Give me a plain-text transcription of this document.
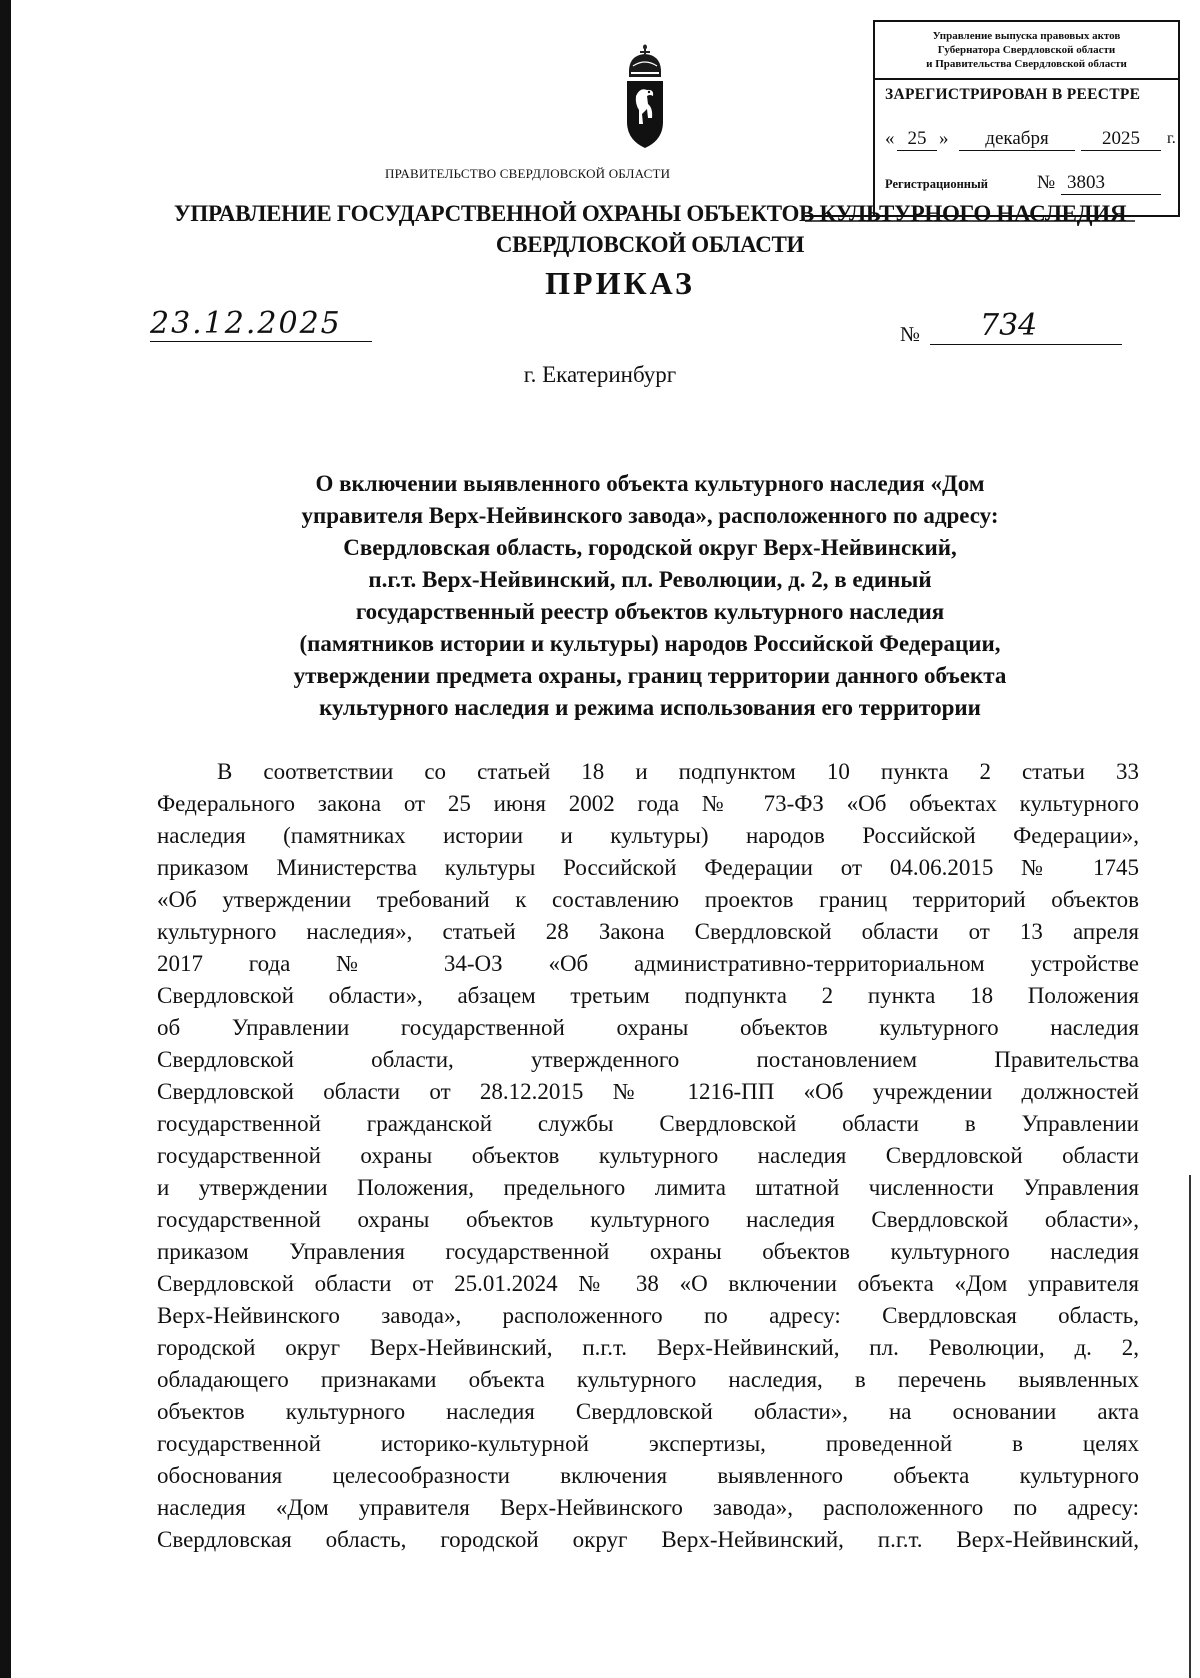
Управление выпуска правовых актов
Губернатора Свердловской области
и Правительства Свердловской области
ЗАРЕГИСТРИРОВАН В РЕЕСТРЕ
« 25 »	декабря	2025	г.
Регистрационный	№ 3803
ПРАВИТЕЛЬСТВО СВЕРДЛОВСКОЙ ОБЛАСТИ
УПРАВЛЕНИЕ ГОСУДАРСТВЕННОЙ ОХРАНЫ ОБЪЕКТОВ КУЛЬТУРНОГО НАСЛЕДИЯ
СВЕРДЛОВСКОЙ ОБЛАСТИ
ПРИКАЗ
23.12.2025	№ 734
г. Екатеринбург
О включении выявленного объекта культурного наследия «Дом
управителя Верх-Нейвинского завода», расположенного по адресу:
Свердловская область, городской округ Верх-Нейвинский,
п.г.т. Верх-Нейвинский, пл. Революции, д. 2, в единый
государственный реестр объектов культурного наследия
(памятников истории и культуры) народов Российской Федерации,
утверждении предмета охраны, границ территории данного объекта
культурного наследия и режима использования его территории
В соответствии со статьей 18 и подпунктом 10 пункта 2 статьи 33
Федерального закона от 25 июня 2002 года № 73-ФЗ «Об объектах культурного
наследия (памятниках истории и культуры) народов Российской Федерации»,
приказом Министерства культуры Российской Федерации от 04.06.2015 № 1745
«Об утверждении требований к составлению проектов границ территорий объектов
культурного наследия», статьей 28 Закона Свердловской области от 13 апреля
2017 года № 34-ОЗ «Об административно-территориальном устройстве
Свердловской области», абзацем третьим подпункта 2 пункта 18 Положения
об Управлении государственной охраны объектов культурного наследия
Свердловской области, утвержденного постановлением Правительства
Свердловской области от 28.12.2015 № 1216-ПП «Об учреждении должностей
государственной гражданской службы Свердловской области в Управлении
государственной охраны объектов культурного наследия Свердловской области
и утверждении Положения, предельного лимита штатной численности Управления
государственной охраны объектов культурного наследия Свердловской области»,
приказом Управления государственной охраны объектов культурного наследия
Свердловской области от 25.01.2024 № 38 «О включении объекта «Дом управителя
Верх-Нейвинского завода», расположенного по адресу: Свердловская область,
городской округ Верх-Нейвинский, п.г.т. Верх-Нейвинский, пл. Революции, д. 2,
обладающего признаками объекта культурного наследия, в перечень выявленных
объектов культурного наследия Свердловской области», на основании акта
государственной историко-культурной экспертизы, проведенной в целях
обоснования целесообразности включения выявленного объекта культурного
наследия «Дом управителя Верх-Нейвинского завода», расположенного по адресу:
Свердловская область, городской округ Верх-Нейвинский, п.г.т. Верх-Нейвинский,
